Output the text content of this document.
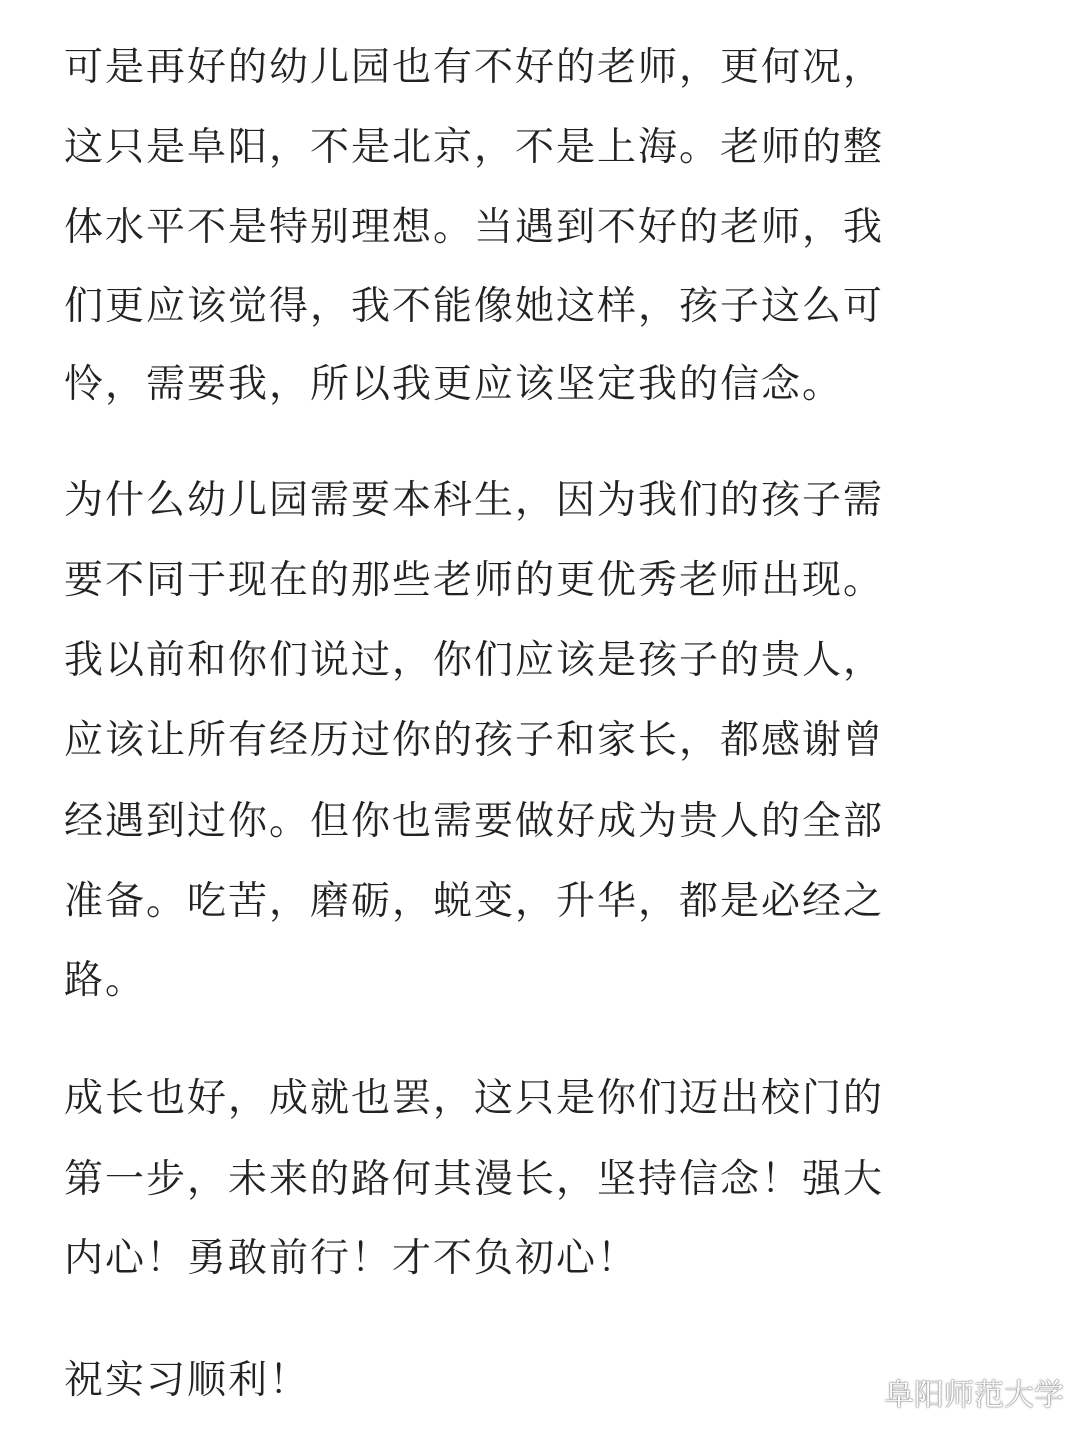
可是再好的幼儿园也有不好的老师，更何况，
这只是阜阳，不是北京，不是上海。老师的整
体水平不是特别理想。当遇到不好的老师，我
们更应该觉得，我不能像她这样，孩子这么可
怜，需要我，所以我更应该坚定我的信念。
为什么幼儿园需要本科生，因为我们的孩子需
要不同于现在的那些老师的更优秀老师出现。
我以前和你们说过，你们应该是孩子的贵人，
应该让所有经历过你的孩子和家长，都感谢曾
经遇到过你。但你也需要做好成为贵人的全部
准备。吃苦，磨砺，蜕变，升华，都是必经之
路。
成长也好，成就也罢，这只是你们迈出校门的
第一步，未来的路何其漫长，坚持信念！强大
内心！勇敢前行！才不负初心！
祝实习顺利！	阜阳师范大学
